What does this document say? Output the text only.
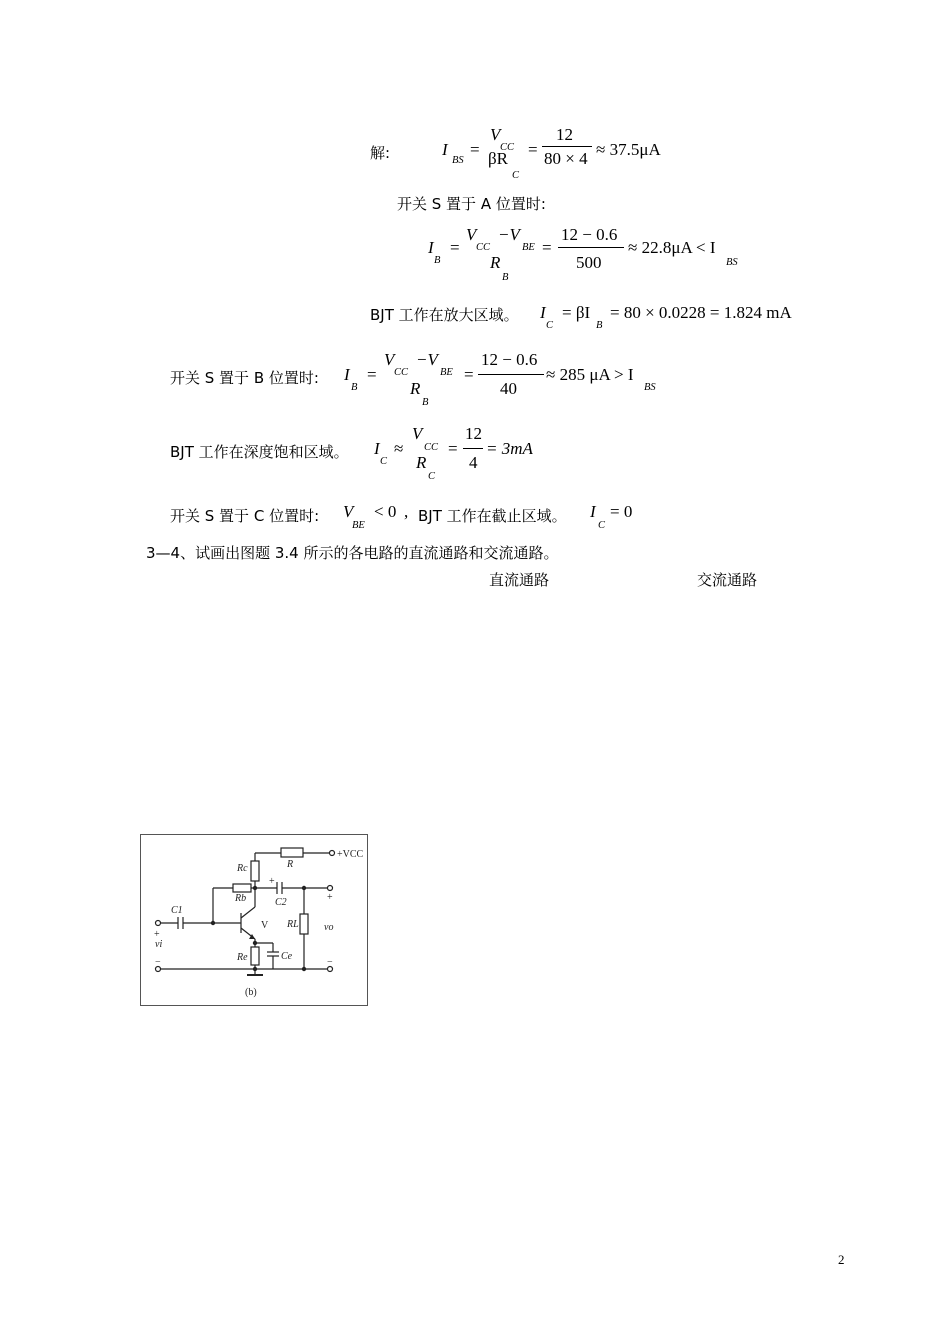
解:	I
BS
=
V
CC
βR
C
=
12
80 × 4 ≈ 37.5μA
开关 S 置于 A 位置时:
I
B
=
V
CC
−V
BE
R
B
=
12 − 0.6
500
≈ 22.8μA < I
BS
BJT 工作在放大区域。 I
C
= βI
B
= 80 × 0.0228 = 1.824 mA
开关 S 置于 B 位置时: I
B
=
V
CC
−V
BE
R
B
=
12 − 0.6
40
≈ 285 μA > I
BS
BJT 工作在深度饱和区域。 I
C
≈
V
CC
R
C
=
12
4
= 3mA
开关 S 置于 C 位置时: V
BE
< 0 , BJT 工作在截止区域。 I
C
= 0
3—4、试画出图题 3.4 所示的各电路的直流通路和交流通路。
直流通路	交流通路
Rc	R
+VCC
Rb	C2
C1
V RL	vo
vi
Re	Ce
+
+
+
−	−
(b)
2
